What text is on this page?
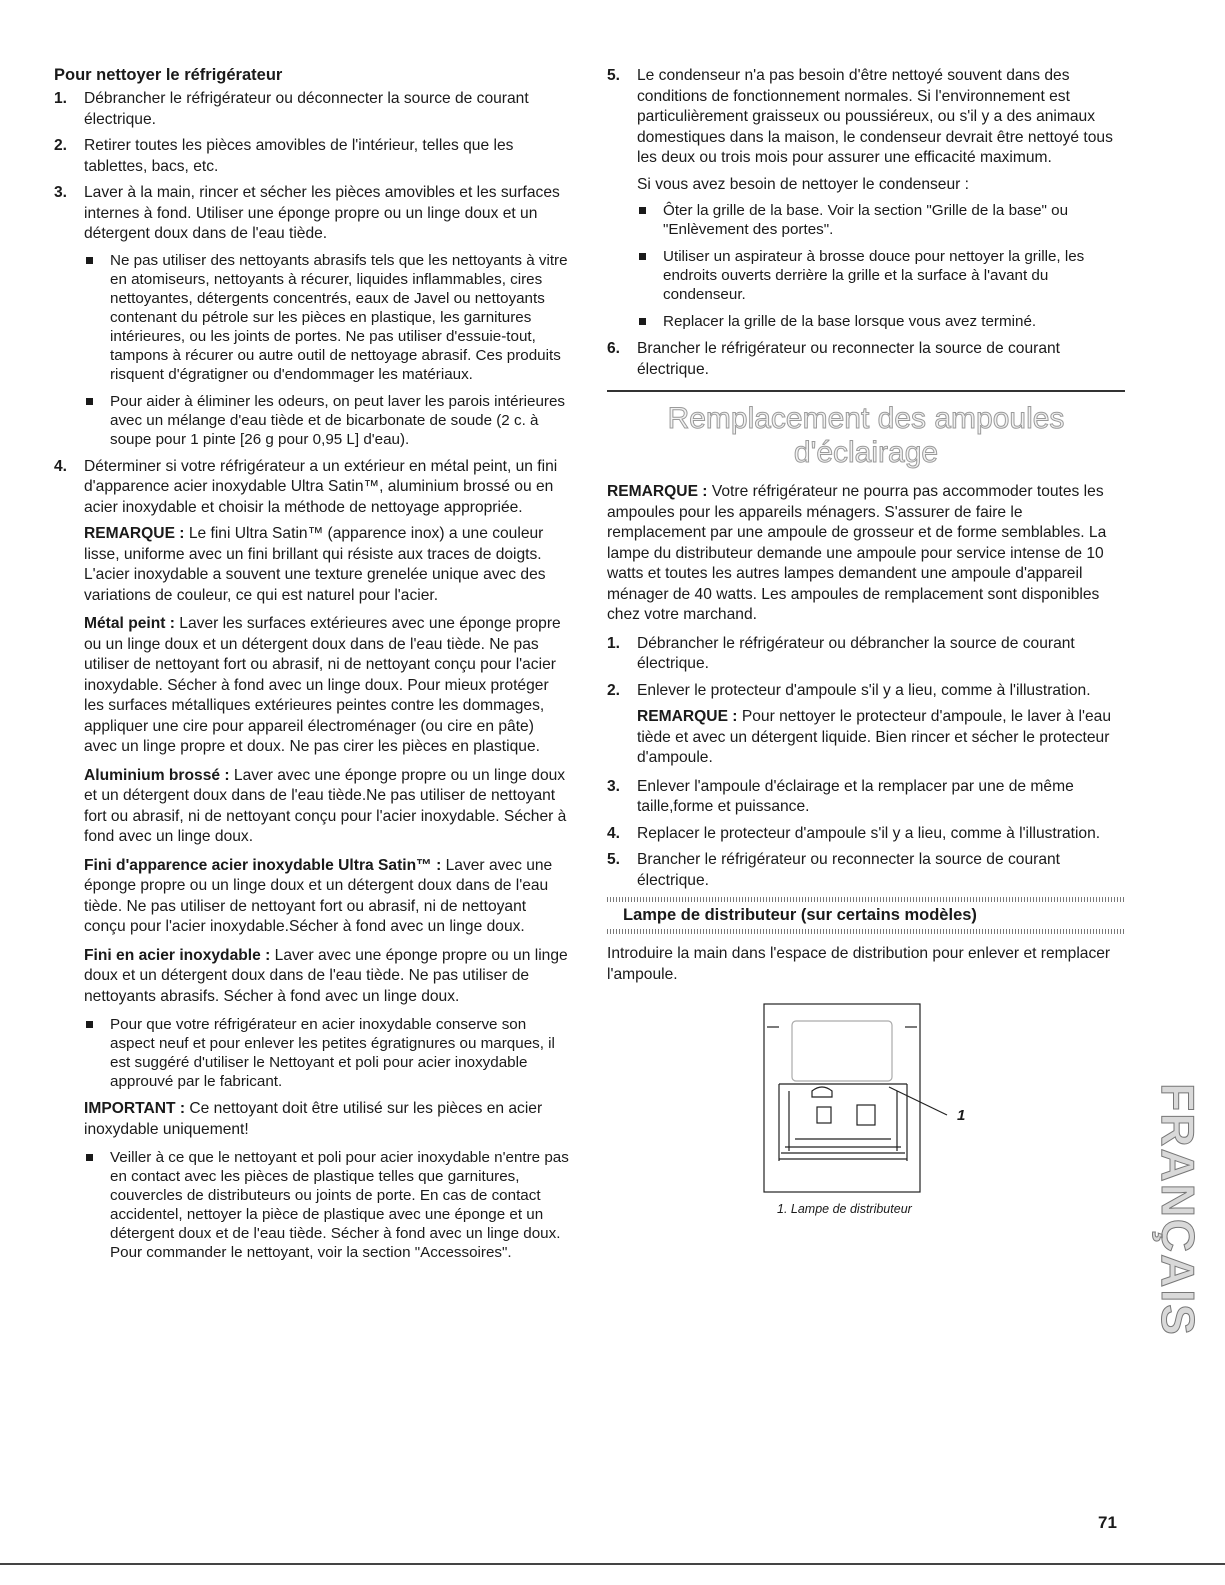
Pour nettoyer le réfrigérateur
1.	Débrancher le réfrigérateur ou déconnecter la source de courant électrique.
2.	Retirer toutes les pièces amovibles de l'intérieur, telles que les tablettes, bacs, etc.
3.	Laver à la main, rincer et sécher les pièces amovibles et les surfaces internes à fond. Utiliser une éponge propre ou un linge doux et un détergent doux dans de l'eau tiède.
Ne pas utiliser des nettoyants abrasifs tels que les nettoyants à vitre en atomiseurs, nettoyants à récurer, liquides inflammables, cires nettoyantes, détergents concentrés, eaux de Javel ou nettoyants contenant du pétrole sur les pièces en plastique, les garnitures intérieures, ou les joints de portes. Ne pas utiliser d'essuie-tout, tampons à récurer ou autre outil de nettoyage abrasif. Ces produits risquent d'égratigner ou d'endommager les matériaux.
Pour aider à éliminer les odeurs, on peut laver les parois intérieures avec un mélange d'eau tiède et de bicarbonate de soude (2 c. à soupe pour 1 pinte [26 g pour 0,95 L] d'eau).
4.	Déterminer si votre réfrigérateur a un extérieur en métal peint, un fini d'apparence acier inoxydable Ultra Satin™, aluminium brossé ou en acier inoxydable et choisir la méthode de nettoyage appropriée.

REMARQUE : Le fini Ultra Satin™ (apparence inox) a une couleur lisse, uniforme avec un fini brillant qui résiste aux traces de doigts. L'acier inoxydable a souvent une texture grenelée unique avec des variations de couleur, ce qui est naturel pour l'acier.

Métal peint : Laver les surfaces extérieures avec une éponge propre ou un linge doux et un détergent doux dans de l'eau tiède. Ne pas utiliser de nettoyant fort ou abrasif, ni de nettoyant conçu pour l'acier inoxydable. Sécher à fond avec un linge doux. Pour mieux protéger les surfaces métalliques extérieures peintes contre les dommages, appliquer une cire pour appareil électroménager (ou cire en pâte) avec un linge propre et doux. Ne pas cirer les pièces en plastique.

Aluminium brossé : Laver avec une éponge propre ou un linge doux et un détergent doux dans de l'eau tiède.Ne pas utiliser de nettoyant fort ou abrasif, ni de nettoyant conçu pour l'acier inoxydable. Sécher à fond avec un linge doux.

Fini d'apparence acier inoxydable Ultra Satin™ : Laver avec une éponge propre ou un linge doux et un détergent doux dans de l'eau tiède. Ne pas utiliser de nettoyant fort ou abrasif, ni de nettoyant conçu pour l'acier inoxydable.Sécher à fond avec un linge doux.

Fini en acier inoxydable : Laver avec une éponge propre ou un linge doux et un détergent doux dans de l'eau tiède. Ne pas utiliser de nettoyants abrasifs. Sécher à fond avec un linge doux.

Pour que votre réfrigérateur en acier inoxydable conserve son aspect neuf et pour enlever les petites égratignures ou marques, il est suggéré d'utiliser le Nettoyant et poli pour acier inoxydable approuvé par le fabricant.

IMPORTANT : Ce nettoyant doit être utilisé sur les pièces en acier inoxydable uniquement!

Veiller à ce que le nettoyant et poli pour acier inoxydable n'entre pas en contact avec les pièces de plastique telles que garnitures, couvercles de distributeurs ou joints de porte. En cas de contact accidentel, nettoyer la pièce de plastique avec une éponge et un détergent doux et de l'eau tiède. Sécher à fond avec un linge doux. Pour commander le nettoyant, voir la section "Accessoires".
5.	Le condenseur n'a pas besoin d'être nettoyé souvent dans des conditions de fonctionnement normales. Si l'environnement est particulièrement graisseux ou poussiéreux, ou s'il y a des animaux domestiques dans la maison, le condenseur devrait être nettoyé tous les deux ou trois mois pour assurer une efficacité maximum.

Si vous avez besoin de nettoyer le condenseur :

Ôter la grille de la base. Voir la section "Grille de la base" ou "Enlèvement des portes".
Utiliser un aspirateur à brosse douce pour nettoyer la grille, les endroits ouverts derrière la grille et la surface à l'avant du condenseur.
Replacer la grille de la base lorsque vous avez terminé.
6.	Brancher le réfrigérateur ou reconnecter la source de courant électrique.
Remplacement des ampoules
d'éclairage

REMARQUE : Votre réfrigérateur ne pourra pas accommoder toutes les ampoules pour les appareils ménagers. S'assurer de faire le remplacement par une ampoule de grosseur et de forme semblables. La lampe du distributeur demande une ampoule pour service intense de 10 watts et toutes les autres lampes demandent une ampoule d'appareil ménager de 40 watts. Les ampoules de remplacement sont disponibles chez votre marchand.

1.	Débrancher le réfrigérateur ou débrancher la source de courant électrique.
2.	Enlever le protecteur d'ampoule s'il y a lieu, comme à l'illustration.

REMARQUE : Pour nettoyer le protecteur d'ampoule, le laver à l'eau tiède et avec un détergent liquide. Bien rincer et sécher le protecteur d'ampoule.

3.	Enlever l'ampoule d'éclairage et la remplacer par une de même taille,forme et puissance.
4.	Replacer le protecteur d'ampoule s'il y a lieu, comme à l'illustration.
5.	Brancher le réfrigérateur ou reconnecter la source de courant électrique.
Lampe de distributeur (sur certains modèles)

Introduire la main dans l'espace de distribution pour enlever et remplacer l'ampoule.

1
1. Lampe de distributeur	FRANÇAIS
71
